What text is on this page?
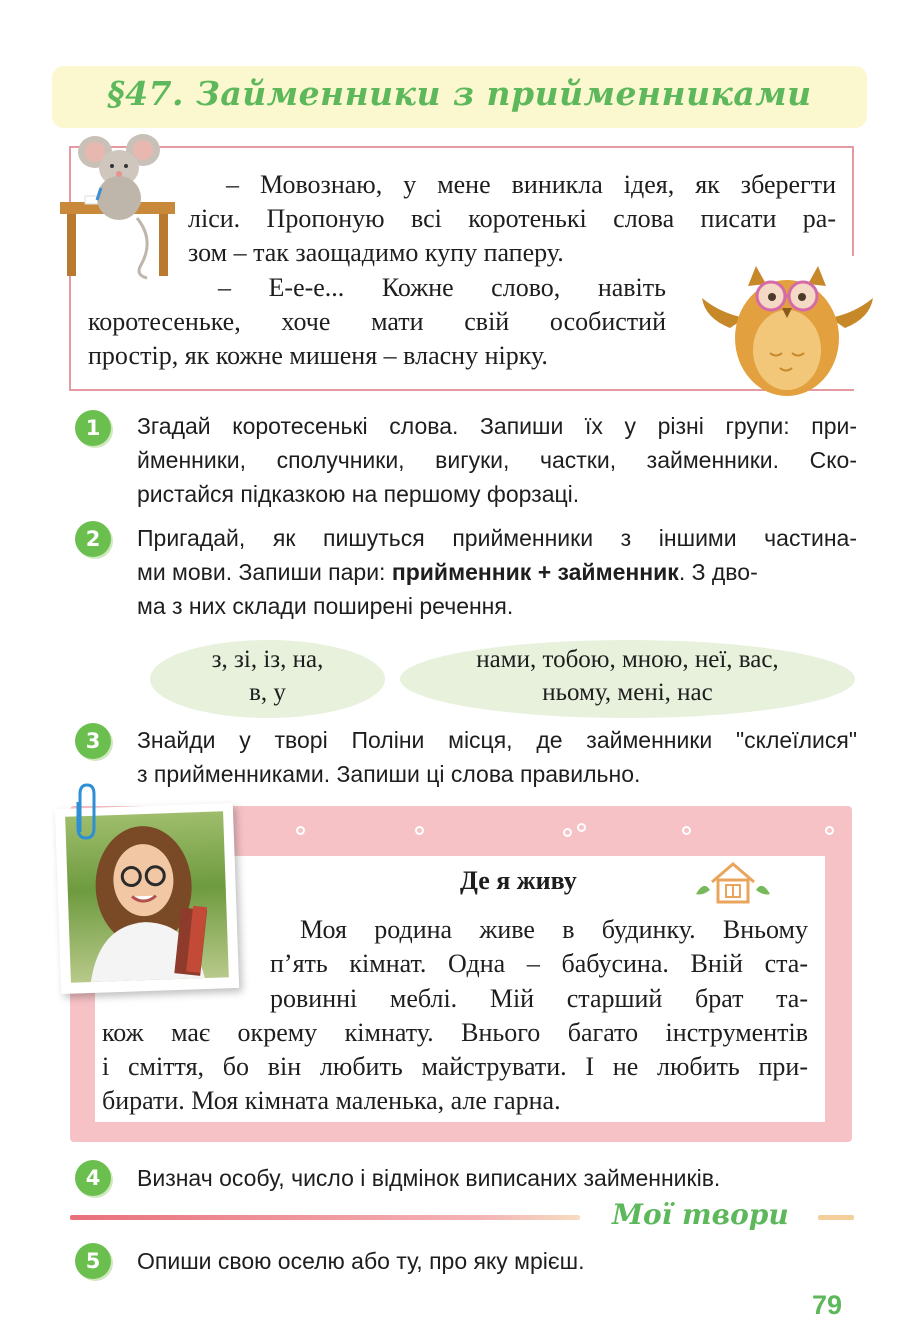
§47. Займенники з прийменниками
– Мовознаю, у мене виникла ідея, як зберегти
ліси. Пропоную всі коротенькі слова писати ра-
зом – так заощадимо купу паперу.
– Е-е-е... Кожне слово, навіть
коротесеньке, хоче мати свій особистий
простір, як кожне мишеня – власну нірку.
1	Згадай коротесенькі слова. Запиши їх у різні групи: при-
йменники, сполучники, вигуки, частки, займенники. Ско-
ристайся підказкою на першому форзаці.
2	Пригадай, як пишуться прийменники з іншими частина-
ми мови. Запиши пари: прийменник + займенник. З дво-
ма з них склади поширені речення.
з, зі, із, на,
в, у
нами, тобою, мною, неї, вас,
ньому, мені, нас
3	Знайди у творі Поліни місця, де займенники "склеїлися"
з прийменниками. Запиши ці слова правильно.
Де я живу
Моя родина живе в будинку. Вньому
п’ять кімнат. Одна – бабусина. Вній ста-
ровинні меблі. Мій старший брат та-
кож має окрему кімнату. Внього багато інструментів
і сміття, бо він любить майструвати. І не любить при-
бирати. Моя кімната маленька, але гарна.
4	Визнач особу, число і відмінок виписаних займенників.
Мої твори
5	Опиши свою оселю або ту, про яку мрієш.
79
